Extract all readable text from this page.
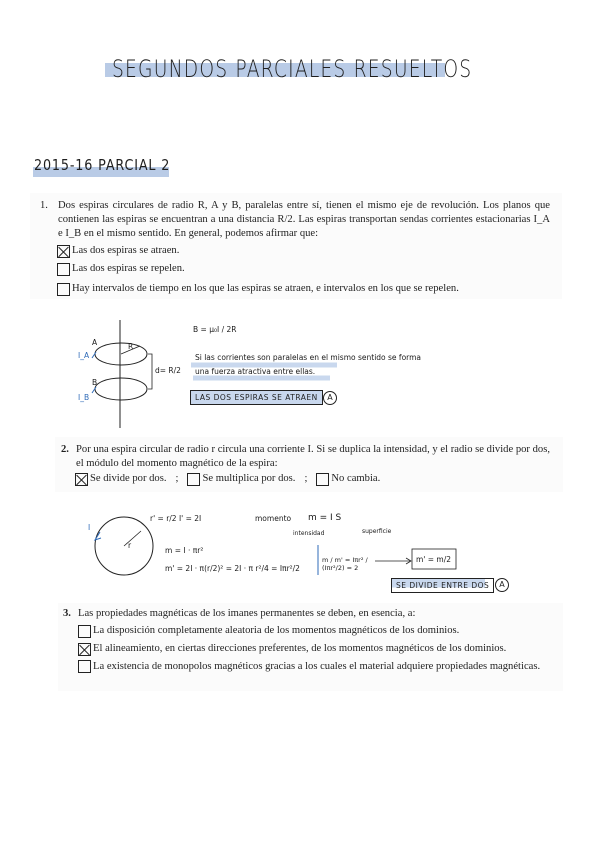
SEGUNDOS PARCIALES RESUELTOS
2015-16 PARCIAL 2
1. Dos espiras circulares de radio R, A y B, paralelas entre sí, tienen el mismo eje de revolución. Los planos que contienen las espiras se encuentran a una distancia R/2. Las espiras transportan sendas corrientes estacionarias I_A e I_B en el mismo sentido. En general, podemos afirmar que:
Las dos espiras se atraen.
Las dos espiras se repelen.
Hay intervalos de tiempo en los que las espiras se atraen, e intervalos en los que se repelen.
A
B
I_A
I_B
R
d= R/2
B = μ₀I / 2R
Si las corrientes son paralelas en el mismo sentido se forma
una fuerza atractiva entre ellas.
LAS DOS ESPIRAS SE ATRAEN	A
2. Por una espira circular de radio r circula una corriente I. Si se duplica la intensidad, y el radio se divide por dos, el módulo del momento magnético de la espira:
Se divide por dos. ; Se multiplica por dos. ; No cambia.
I
r
r' = r/2 I' = 2I	momento m = I S
intensidad	superficie
m = I · πr²
m' = 2I · π(r/2)² = 2I · π r²/4 = Iπr²/2
m / m' = Iπr² / (Iπr²/2) = 2
m' = m/2
SE DIVIDE ENTRE DOS	A
3. Las propiedades magnéticas de los imanes permanentes se deben, en esencia, a:
La disposición completamente aleatoria de los momentos magnéticos de los dominios.
El alineamiento, en ciertas direcciones preferentes, de los momentos magnéticos de los dominios.
La existencia de monopolos magnéticos gracias a los cuales el material adquiere propiedades magnéticas.
